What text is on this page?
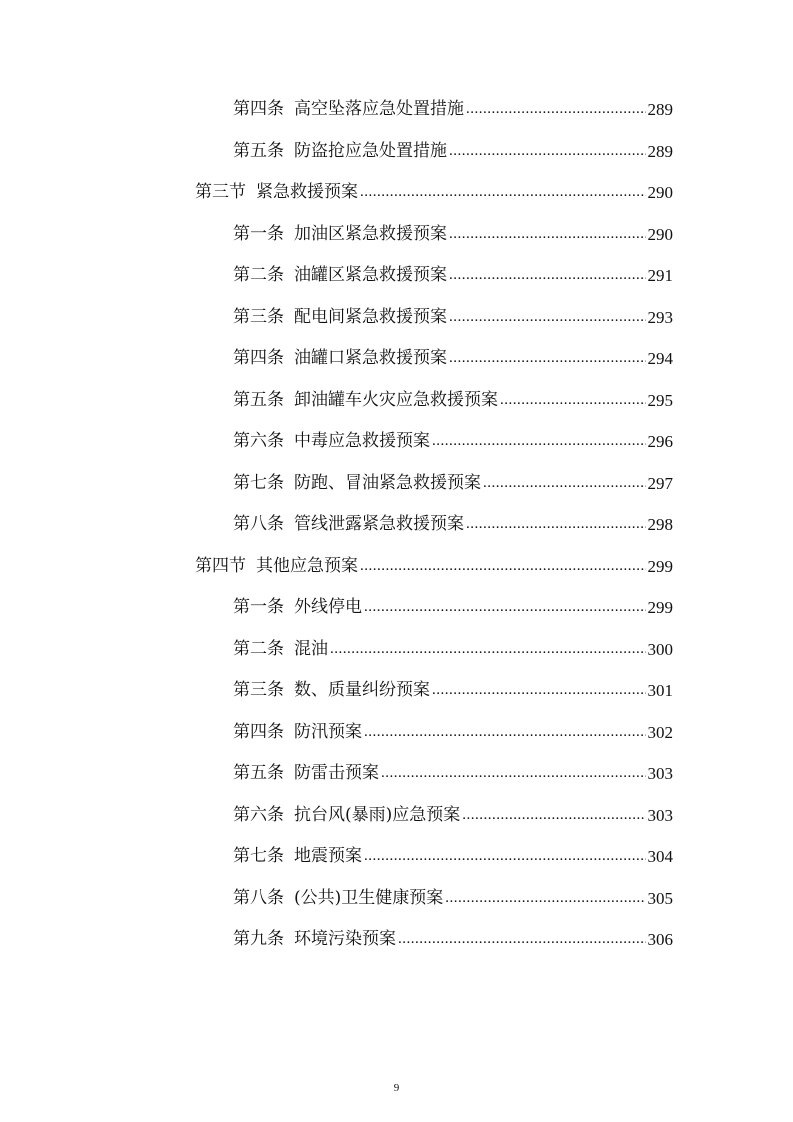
第四条 高空坠落应急处置措施 .....	289
第五条 防盗抢应急处置措施 .....	289
第三节 紧急救援预案 .....	290
第一条 加油区紧急救援预案 .....	290
第二条 油罐区紧急救援预案 .....	291
第三条 配电间紧急救援预案 .....	293
第四条 油罐口紧急救援预案 .....	294
第五条 卸油罐车火灾应急救援预案 .....	295
第六条 中毒应急救援预案 .....	296
第七条 防跑、冒油紧急救援预案 .....	297
第八条 管线泄露紧急救援预案 .....	298
第四节 其他应急预案 .....	299
第一条 外线停电 .....	299
第二条 混油 .....	300
第三条 数、质量纠纷预案 .....	301
第四条 防汛预案 .....	302
第五条 防雷击预案 .....	303
第六条 抗台风(暴雨)应急预案 .....	303
第七条 地震预案 .....	304
第八条 (公共)卫生健康预案 .....	305
第九条 环境污染预案 .....	306
9
